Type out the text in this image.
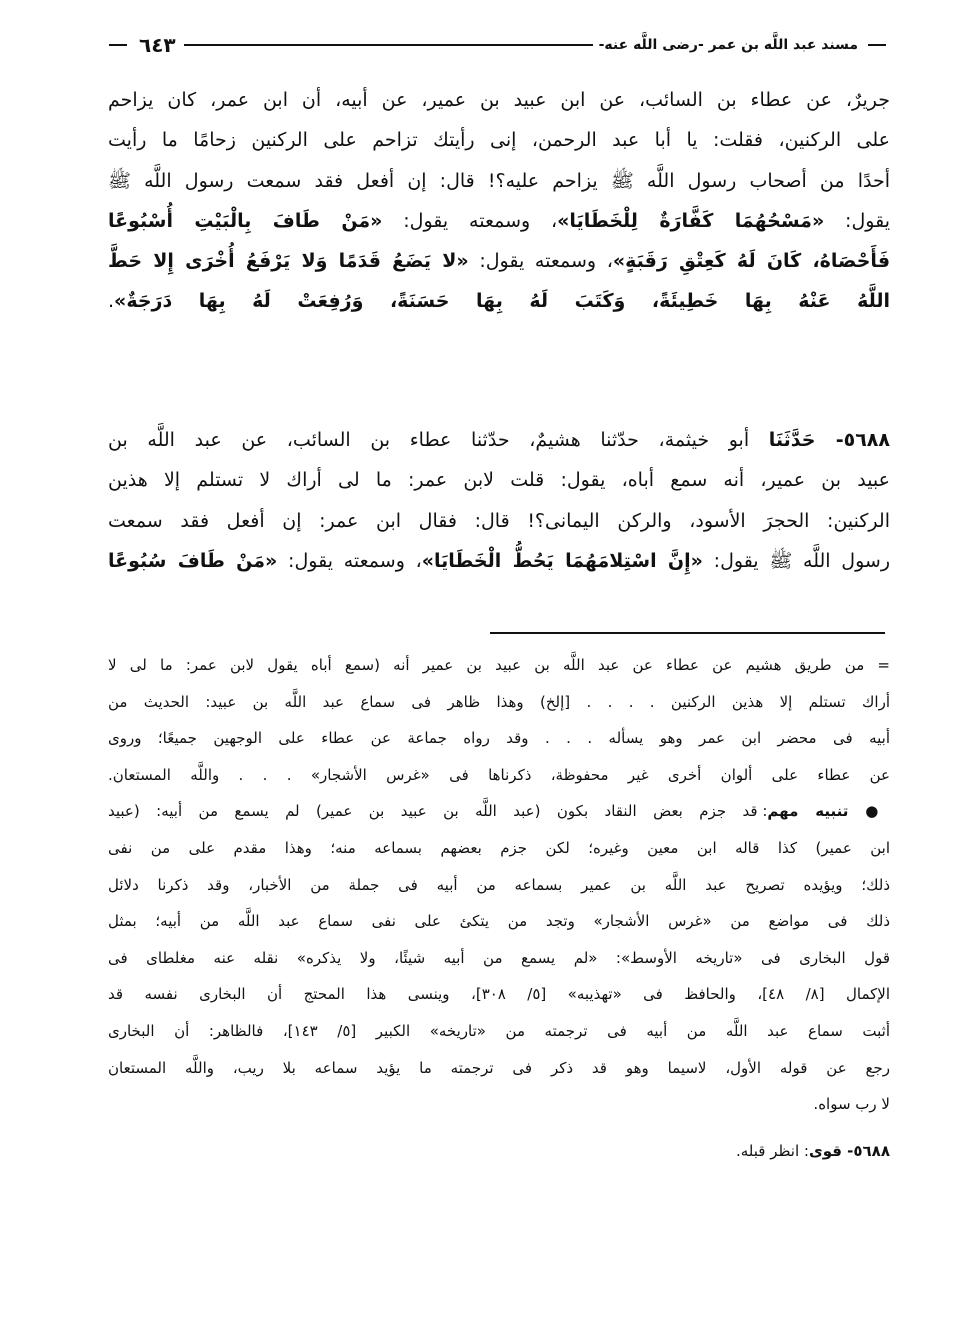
مسند عبد اللَّه بن عمر -رضى اللَّه عنه-
٦٤٣
جريرٌ، عن عطاء بن السائب، عن ابن عبيد بن عمير، عن أبيه، أن ابن عمر، كان يزاحم
على الركنين، فقلت: يا أبا عبد الرحمن، إنى رأيتك تزاحم على الركنين زحامًا ما رأيت
أحدًا من أصحاب رسول اللَّه ﷺ يزاحم عليه؟! قال: إن أفعل فقد سمعت رسول اللَّه ﷺ
يقول: «مَسْحُهُمَا كَفَّارَةٌ لِلْخَطَايَا»، وسمعته يقول: «مَنْ طَافَ بِالْبَيْتِ أُسْبُوعًا
فَأَحْصَاهُ، كَانَ لَهُ كَعِتْقِ رَقَبَةٍ»، وسمعته يقول: «لا يَضَعُ قَدَمًا وَلا يَرْفَعُ أُخْرَى إِلا حَطَّ
اللَّهُ عَنْهُ بِهَا خَطِيئَةً، وَكَتَبَ لَهُ بِهَا حَسَنَةً، وَرُفِعَتْ لَهُ بِهَا دَرَجَةٌ».
٥٦٨٨- حَدَّثَنَا أبو خيثمة، حدّثنا هشيمٌ، حدّثنا عطاء بن السائب، عن عبد اللَّه بن
عبيد بن عمير، أنه سمع أباه، يقول: قلت لابن عمر: ما لى أراك لا تستلم إلا هذين
الركنين: الحجرَ الأسود، والركن اليمانى؟! قال: فقال ابن عمر: إن أفعل فقد سمعت
رسول اللَّه ﷺ يقول: «إِنَّ اسْتِلامَهُمَا يَحُطُّ الْخَطَايَا»، وسمعته يقول: «مَنْ طَافَ سُبُوعًا
= من طريق هشيم عن عطاء عن عبد اللَّه بن عبيد بن عمير أنه (سمع أباه يقول لابن عمر: ما لى لا
أراك تستلم إلا هذين الركنين . . . . [إلخ) وهذا ظاهر فى سماع عبد اللَّه بن عبيد: الحديث من
أبيه فى محضر ابن عمر وهو يسأله . . . وقد رواه جماعة عن عطاء على الوجهين جميعًا؛ وروى
عن عطاء على ألوان أخرى غير محفوظة، ذكرناها فى «غرس الأشجار» . . . واللَّه المستعان.
● تنبيه مهم: قد جزم بعض النقاد بكون (عبد اللَّه بن عبيد بن عمير) لم يسمع من أبيه: (عبيد
ابن عمير) كذا قاله ابن معين وغيره؛ لكن جزم بعضهم بسماعه منه؛ وهذا مقدم على من نفى
ذلك؛ ويؤيده تصريح عبد اللَّه بن عمير بسماعه من أبيه فى جملة من الأخبار، وقد ذكرنا دلائل
ذلك فى مواضع من «غرس الأشجار» وتجد من يتكئ على نفى سماع عبد اللَّه من أبيه؛ بمثل
قول البخارى فى «تاريخه الأوسط»: «لم يسمع من أبيه شيئًا، ولا يذكره» نقله عنه مغلطاى فى
الإكمال [٨/ ٤٨]، والحافظ فى «تهذيبه» [٥/ ٣٠٨]، وينسى هذا المحتج أن البخارى نفسه قد
أثبت سماع عبد اللَّه من أبيه فى ترجمته من «تاريخه» الكبير [٥/ ١٤٣]، فالظاهر: أن البخارى
رجع عن قوله الأول، لاسيما وهو قد ذكر فى ترجمته ما يؤيد سماعه بلا ريب، واللَّه المستعان
لا رب سواه.
٥٦٨٨- قوى: انظر قبله.
